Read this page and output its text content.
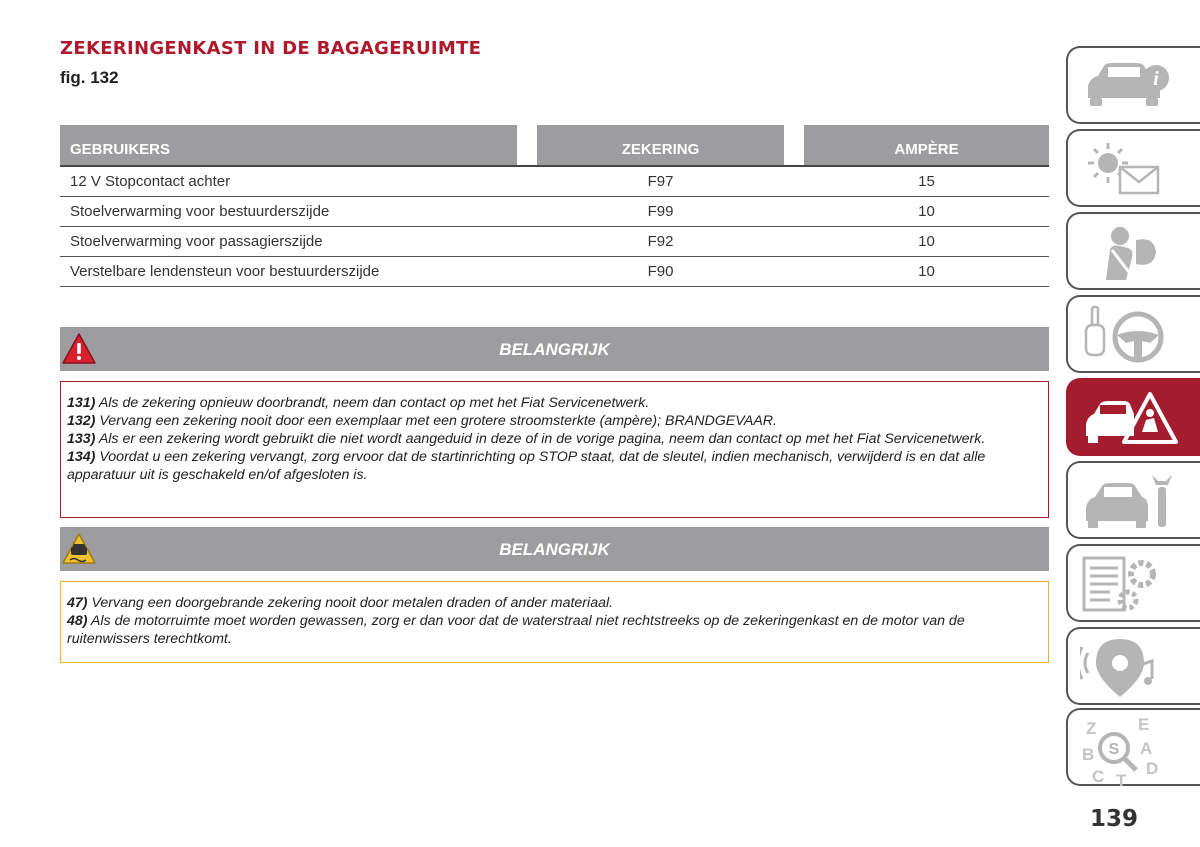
ZEKERINGENKAST IN DE BAGAGERUIMTE
fig. 132
GEBRUIKERS		ZEKERING		AMPÈRE

12 V Stopcontact achter		F97		15
Stoelverwarming voor bestuurderszijde		F99		10
Stoelverwarming voor passagierszijde		F92		10
Verstelbare lendensteun voor bestuurderszijde		F90		10
BELANGRIJK

131) Als de zekering opnieuw doorbrandt, neem dan contact op met het Fiat Servicenetwerk.

132) Vervang een zekering nooit door een exemplaar met een grotere stroomsterkte (ampère); BRANDGEVAAR.

133) Als er een zekering wordt gebruikt die niet wordt aangeduid in deze of in de vorige pagina, neem dan contact op met het Fiat Servicenetwerk.

134) Voordat u een zekering vervangt, zorg ervoor dat de startinrichting op STOP staat, dat de sleutel, indien mechanisch, verwijderd is en dat alle apparatuur uit is geschakeld en/of afgesloten is.

BELANGRIJK

47) Vervang een doorgebrande zekering nooit door metalen draden of ander materiaal.

48) Als de motorruimte moet worden gewassen, zorg er dan voor dat de waterstraal niet rechtstreeks op de zekeringenkast en de motor van de ruitenwissers terechtkomt.

i
Z E
B	A
C T
D
S
139
